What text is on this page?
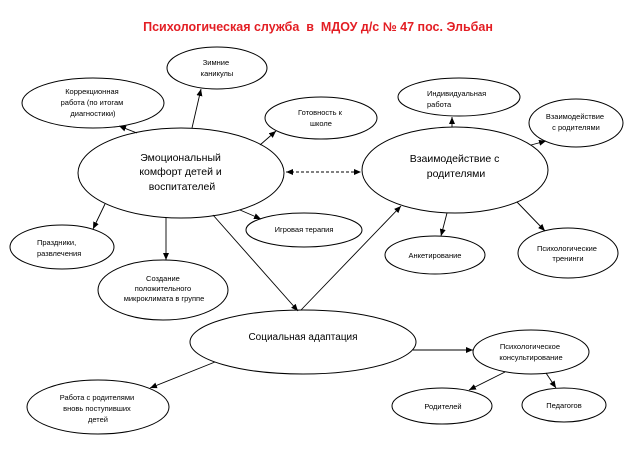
Психологическая служба  в  МДОУ д/с № 47 пос. Эльбан
Зимние каникулы
Коррекционная работа (по итогам диагностики)	Готовность к школе
Индивидуальная работа
Взаимодействие с родителями
Эмоциональный комфорт детей и воспитателей
Взаимодействие с родителями
Игровая терапия
Праздники, развлечения	Анкетирование
Психологические тренинги
Создание положительного микроклимата в группе
Социальная адаптация
Психологическое консультирование
Работа с родителями вновь поступивших детей
Родителей	Педагогов
